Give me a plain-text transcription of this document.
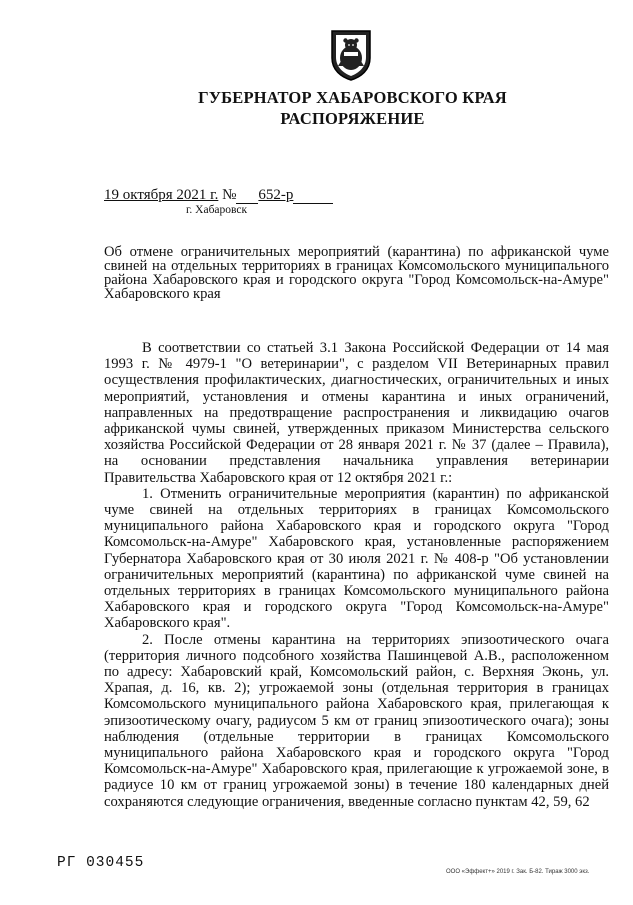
ГУБЕРНАТОР ХАБАРОВСКОГО КРАЯ
РАСПОРЯЖЕНИЕ
19 октября 2021 г. № 652-р
г. Хабаровск
Об отмене ограничительных мероприятий (карантина) по африканской чуме свиней на отдельных территориях в границах Комсомольского муниципального района Хабаровского края и городского округа "Город Комсомольск-на-Амуре" Хабаровского края

В соответствии со статьей 3.1 Закона Российской Федерации от 14 мая 1993 г. № 4979-1 "О ветеринарии", с разделом VII Ветеринарных правил осуществления профилактических, диагностических, ограничительных и иных мероприятий, установления и отмены карантина и иных ограничений, направленных на предотвращение распространения и ликвидацию очагов африканской чумы свиней, утвержденных приказом Министерства сельского хозяйства Российской Федерации от 28 января 2021 г. № 37 (далее – Правила), на основании представления начальника управления ветеринарии Правительства Хабаровского края от 12 октября 2021 г.:

1. Отменить ограничительные мероприятия (карантин) по африканской чуме свиней на отдельных территориях в границах Комсомольского муниципального района Хабаровского края и городского округа "Город Комсомольск-на-Амуре" Хабаровского края, установленные распоряжением Губернатора Хабаровского края от 30 июля 2021 г. № 408-р "Об установлении ограничительных мероприятий (карантина) по африканской чуме свиней на отдельных территориях в границах Комсомольского муниципального района Хабаровского края и городского округа "Город Комсомольск-на-Амуре" Хабаровского края".

2. После отмены карантина на территориях эпизоотического очага (территория личного подсобного хозяйства Пашинцевой А.В., расположенном по адресу: Хабаровский край, Комсомольский район, с. Верхняя Эконь, ул. Храпая, д. 16, кв. 2); угрожаемой зоны (отдельная территория в границах Комсомольского муниципального района Хабаровского края, прилегающая к эпизоотическому очагу, радиусом 5 км от границ эпизоотического очага); зоны наблюдения (отдельные территории в границах Комсомольского муниципального района Хабаровского края и городского округа "Город Комсомольск-на-Амуре" Хабаровского края, прилегающие к угрожаемой зоне, в радиусе 10 км от границ угрожаемой зоны) в течение 180 календарных дней сохраняются следующие ограничения, введенные согласно пунктам 42, 59, 62

РГ 030455
ООО «Эффект+» 2019 г. Зак. Б-82. Тираж 3000 экз.
